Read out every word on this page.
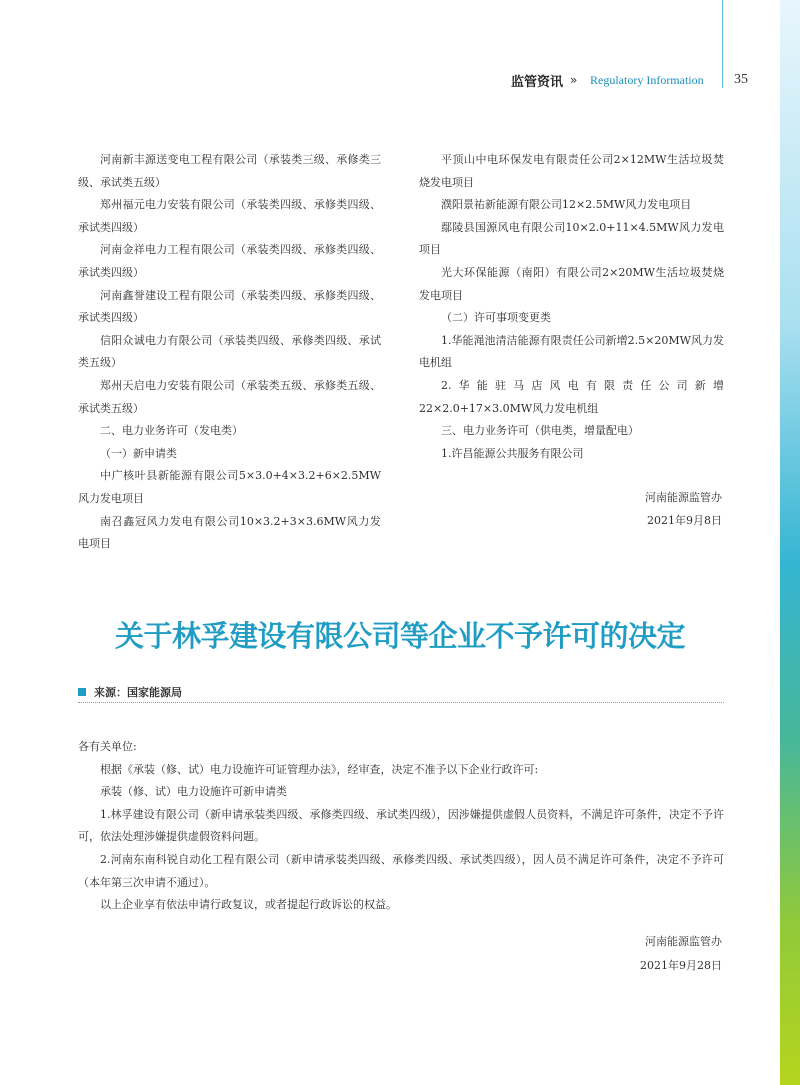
监管资讯 » Regulatory Information 35

河南新丰源送变电工程有限公司（承装类三级、承修类三级、承试类五级）

郑州福元电力安装有限公司（承装类四级、承修类四级、承试类四级）

河南金祥电力工程有限公司（承装类四级、承修类四级、承试类四级）

河南鑫誉建设工程有限公司（承装类四级、承修类四级、承试类四级）

信阳众诚电力有限公司（承装类四级、承修类四级、承试类五级）

郑州天启电力安装有限公司（承装类五级、承修类五级、承试类五级）

二、电力业务许可（发电类）

（一）新申请类

中广核叶县新能源有限公司5×3.0+4×3.2+6×2.5MW风力发电项目

南召鑫冠风力发电有限公司10×3.2+3×3.6MW风力发电项目

平顶山中电环保发电有限责任公司2×12MW生活垃圾焚烧发电项目

濮阳景祐新能源有限公司12×2.5MW风力发电项目

鄢陵县国源风电有限公司10×2.0+11×4.5MW风力发电项目

光大环保能源（南阳）有限公司2×20MW生活垃圾焚烧发电项目

（二）许可事项变更类

1.华能渑池清洁能源有限责任公司新增2.5×20MW风力发电机组

2.华能驻马店风电有限责任公司新增22×2.0+17×3.0MW风力发电机组

三、电力业务许可（供电类，增量配电）

1.许昌能源公共服务有限公司

河南能源监管办
2021年9月8日
关于林孚建设有限公司等企业不予许可的决定
来源：国家能源局

各有关单位:

根据《承装（修、试）电力设施许可证管理办法》，经审查，决定不准予以下企业行政许可:

承装（修、试）电力设施许可新申请类

1.林孚建设有限公司（新申请承装类四级、承修类四级、承试类四级），因涉嫌提供虚假人员资料，不满足许可条件，决定不予许可，依法处理涉嫌提供虚假资料问题。

2.河南东南科锐自动化工程有限公司（新申请承装类四级、承修类四级、承试类四级），因人员不满足许可条件，决定不予许可（本年第三次申请不通过）。

以上企业享有依法申请行政复议，或者提起行政诉讼的权益。

河南能源监管办
2021年9月28日
